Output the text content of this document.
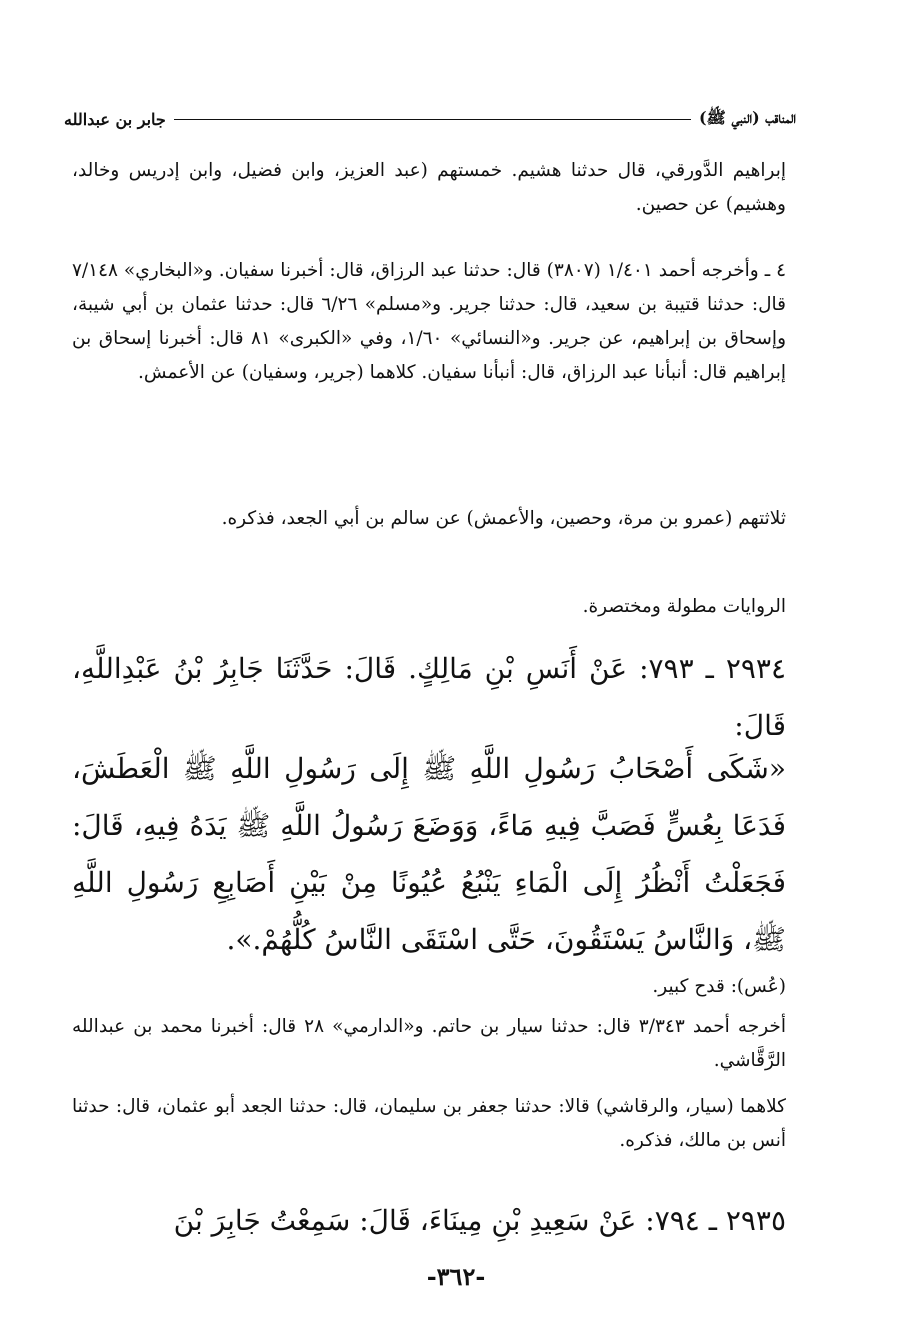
المناقب (النبي ﷺ)
جابر بن عبدالله
إبراهيم الدَّورقي، قال حدثنا هشيم. خمستهم (عبد العزيز، وابن فضيل، وابن إدريس وخالد، وهشيم) عن حصين.
٤ ـ وأخرجه أحمد ١/٤٠١ (٣٨٠٧) قال: حدثنا عبد الرزاق، قال: أخبرنا سفيان. و«البخاري» ٧/١٤٨ قال: حدثنا قتيبة بن سعيد، قال: حدثنا جرير. و«مسلم» ٦/٢٦ قال: حدثنا عثمان بن أبي شيبة، وإسحاق بن إبراهيم، عن جرير. و«النسائي» ١/٦٠، وفي «الكبرى» ٨١ قال: أخبرنا إسحاق بن إبراهيم قال: أنبأنا عبد الرزاق، قال: أنبأنا سفيان. كلاهما (جرير، وسفيان) عن الأعمش.
ثلاثتهم (عمرو بن مرة، وحصين، والأعمش) عن سالم بن أبي الجعد، فذكره.
الروايات مطولة ومختصرة.
٢٩٣٤ ـ ٧٩٣: عَنْ أَنَسِ بْنِ مَالِكٍ. قَالَ: حَدَّثَنَا جَابِرُ بْنُ عَبْدِاللَّهِ، قَالَ:
«شَكَى أَصْحَابُ رَسُولِ اللَّهِ ﷺ إِلَى رَسُولِ اللَّهِ ﷺ الْعَطَشَ، فَدَعَا بِعُسٍّ فَصَبَّ فِيهِ مَاءً، وَوَضَعَ رَسُولُ اللَّهِ ﷺ يَدَهُ فِيهِ، قَالَ: فَجَعَلْتُ أَنْظُرُ إِلَى الْمَاءِ يَنْبُعُ عُيُونًا مِنْ بَيْنِ أَصَابِعِ رَسُولِ اللَّهِ ﷺ، وَالنَّاسُ يَسْتَقُونَ، حَتَّى اسْتَقَى النَّاسُ كُلُّهُمْ.».
(عُس): قدح كبير.
أخرجه أحمد ٣/٣٤٣ قال: حدثنا سيار بن حاتم. و«الدارمي» ٢٨ قال: أخبرنا محمد بن عبدالله الرَّقَّاشي.
كلاهما (سيار، والرقاشي) قالا: حدثنا جعفر بن سليمان، قال: حدثنا الجعد أبو عثمان، قال: حدثنا أنس بن مالك، فذكره.
٢٩٣٥ ـ ٧٩٤: عَنْ سَعِيدِ بْنِ مِينَاءَ، قَالَ: سَمِعْتُ جَابِرَ بْنَ
-٣٦٢-
